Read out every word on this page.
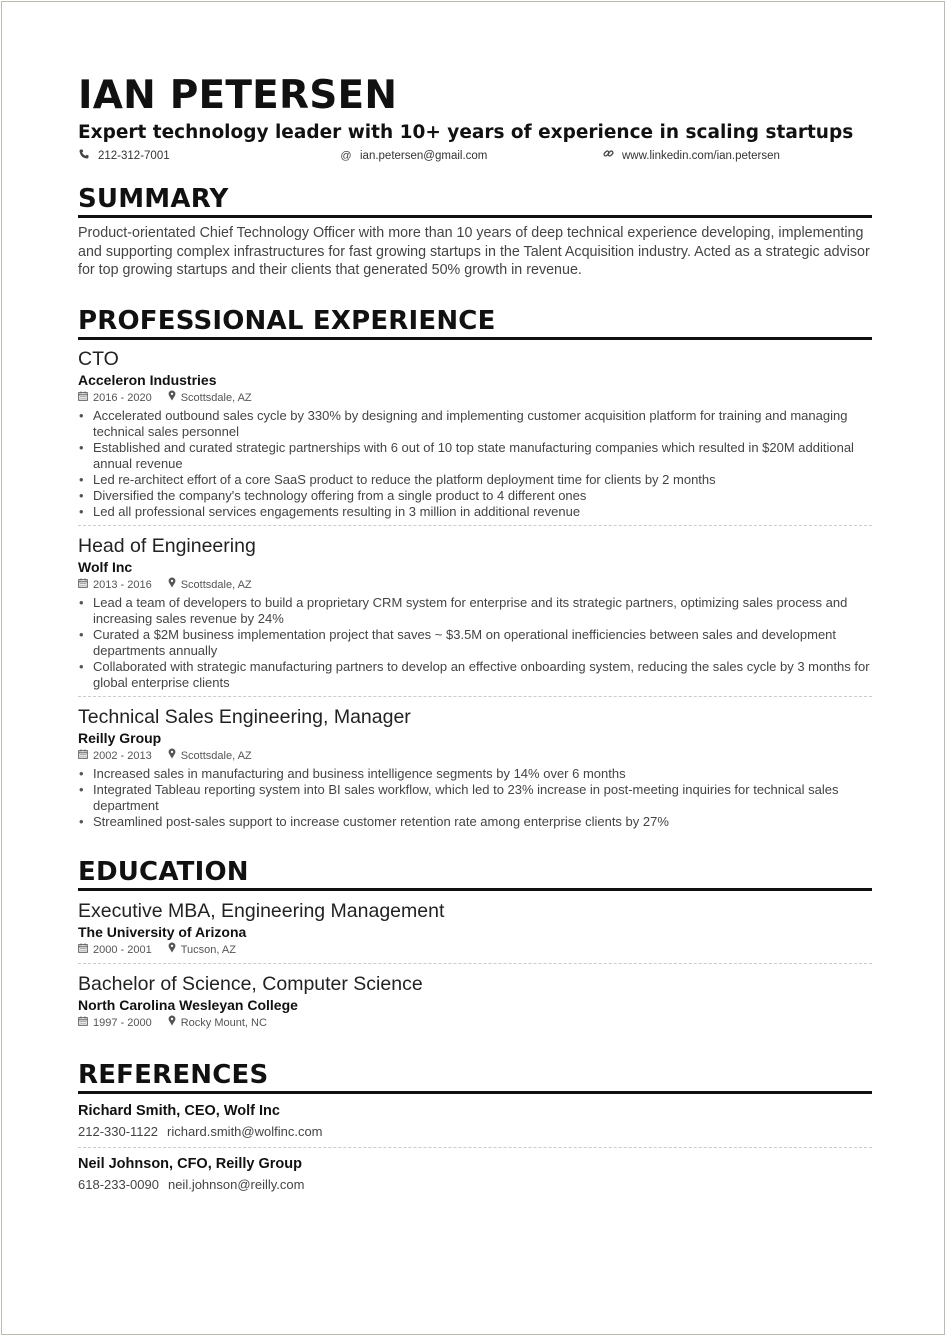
IAN PETERSEN
Expert technology leader with 10+ years of experience in scaling startups
212-312-7001	@ ian.petersen@gmail.com	www.linkedin.com/ian.petersen
SUMMARY
Product-orientated Chief Technology Officer with more than 10 years of deep technical experience developing, implementing and supporting complex infrastructures for fast growing startups in the Talent Acquisition industry. Acted as a strategic advisor for top growing startups and their clients that generated 50% growth in revenue.
PROFESSIONAL EXPERIENCE
CTO
Acceleron Industries
2016 - 2020	Scottsdale, AZ
• Accelerated outbound sales cycle by 330% by designing and implementing customer acquisition platform for training and managing technical sales personnel
• Established and curated strategic partnerships with 6 out of 10 top state manufacturing companies which resulted in $20M additional annual revenue
• Led re-architect effort of a core SaaS product to reduce the platform deployment time for clients by 2 months
• Diversified the company's technology offering from a single product to 4 different ones
• Led all professional services engagements resulting in 3 million in additional revenue
Head of Engineering
Wolf Inc
2013 - 2016	Scottsdale, AZ
• Lead a team of developers to build a proprietary CRM system for enterprise and its strategic partners, optimizing sales process and increasing sales revenue by 24%
• Curated a $2M business implementation project that saves ~ $3.5M on operational inefficiencies between sales and development departments annually
• Collaborated with strategic manufacturing partners to develop an effective onboarding system, reducing the sales cycle by 3 months for global enterprise clients
Technical Sales Engineering, Manager
Reilly Group
2002 - 2013	Scottsdale, AZ
• Increased sales in manufacturing and business intelligence segments by 14% over 6 months
• Integrated Tableau reporting system into BI sales workflow, which led to 23% increase in post-meeting inquiries for technical sales department
• Streamlined post-sales support to increase customer retention rate among enterprise clients by 27%
EDUCATION
Executive MBA, Engineering Management
The University of Arizona
2000 - 2001	Tucson, AZ
Bachelor of Science, Computer Science
North Carolina Wesleyan College
1997 - 2000	Rocky Mount, NC
REFERENCES
Richard Smith, CEO, Wolf Inc
212-330-1122 richard.smith@wolfinc.com
Neil Johnson, CFO, Reilly Group
618-233-0090 neil.johnson@reilly.com
